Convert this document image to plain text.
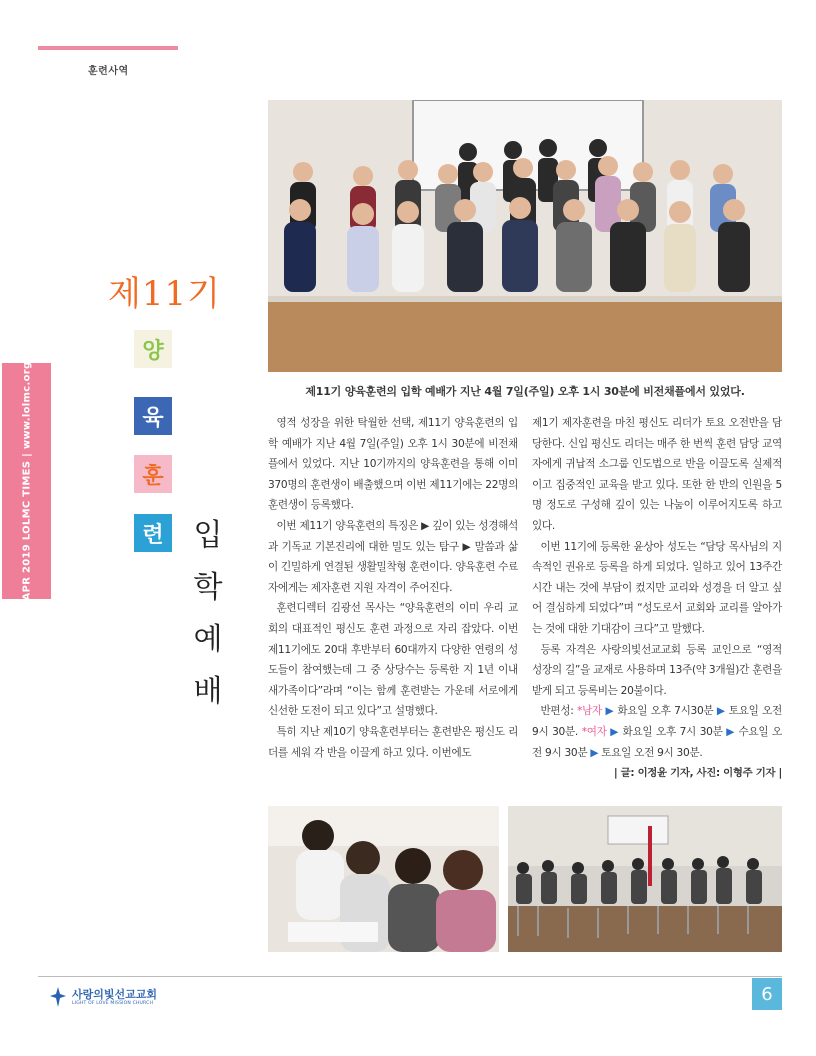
훈련사역
APR 2019 LOLMC TIMES | www.lolmc.org
제11기
양
육
훈
련 입
학
예
배
제11기 양육훈련의 입학 예배가 지난 4월 7일(주일) 오후 1시 30분에 비전채플에서 있었다.

영적 성장을 위한 탁월한 선택, 제11기 양육훈련의 입학 예배가 지난 4월 7일(주일) 오후 1시 30분에 비전채플에서 있었다. 지난 10기까지의 양육훈련을 통해 이미 370명의 훈련생이 배출했으며 이번 제11기에는 22명의 훈련생이 등록했다.

이번 제11기 양육훈련의 특징은 ▶ 깊이 있는 성경해석과 기독교 기본진리에 대한 밀도 있는 탐구 ▶ 말씀과 삶이 긴밀하게 연결된 생활밀착형 훈련이다. 양육훈련 수료자에게는 제자훈련 지원 자격이 주어진다.

훈련디렉터 김광선 목사는 “양육훈련의 이미 우리 교회의 대표적인 평신도 훈련 과정으로 자리 잡았다. 이번 제11기에도 20대 후반부터 60대까지 다양한 연령의 성도들이 참여했는데 그 중 상당수는 등록한 지 1년 이내 새가족이다”라며 “이는 함께 훈련받는 가운데 서로에게 신선한 도전이 되고 있다”고 설명했다.

특히 지난 제10기 양육훈련부터는 훈련받은 평신도 리더를 세워 각 반을 이끌게 하고 있다. 이번에도

제1기 제자훈련을 마친 평신도 리더가 토요 오전반을 담당한다. 신입 평신도 리더는 매주 한 번씩 훈련 담당 교역자에게 귀납적 소그룹 인도법으로 반을 이끌도록 실제적이고 집중적인 교육을 받고 있다. 또한 한 반의 인원을 5명 정도로 구성해 깊이 있는 나눔이 이루어지도록 하고 있다.

이번 11기에 등록한 윤상아 성도는 “담당 목사님의 지속적인 권유로 등록을 하게 되었다. 일하고 있어 13주간 시간 내는 것에 부담이 컸지만 교리와 성경을 더 알고 싶어 결심하게 되었다”며 “성도로서 교회와 교리를 알아가는 것에 대한 기대감이 크다”고 말했다.

등록 자격은 사랑의빛선교교회 등록 교인으로 “영적 성장의 길”을 교재로 사용하며 13주(약 3개월)간 훈련을 받게 되고 등록비는 20불이다.

반편성: *남자 ▶ 화요일 오후 7시30분 ▶ 토요일 오전 9시 30분. *여자 ▶ 화요일 오후 7시 30분 ▶ 수요일 오전 9시 30분 ▶ 토요일 오전 9시 30분.

| 글: 이정윤 기자, 사진: 이형주 기자 |
사랑의빛선교교회
LIGHT OF LOVE MISSION CHURCH	6
